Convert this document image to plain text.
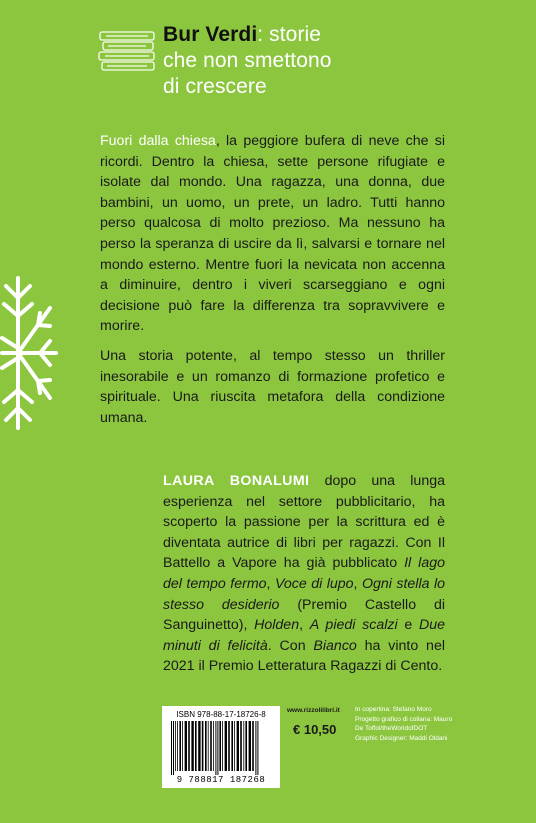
Bur Verdi: storie
che non smettono
di crescere

Fuori dalla chiesa, la peggiore bufera di neve che si ricordi. Dentro la chiesa, sette persone rifugiate e isolate dal mondo. Una ragazza, una donna, due bambini, un uomo, un prete, un ladro. Tutti hanno perso qualcosa di molto prezioso. Ma nessuno ha perso la speranza di uscire da lì, salvarsi e tornare nel mondo esterno. Mentre fuori la nevicata non accenna a diminuire, dentro i viveri scarseggiano e ogni decisione può fare la differenza tra sopravvivere e morire.

Una storia potente, al tempo stesso un thriller inesorabile e un romanzo di formazione profetico e spirituale. Una riuscita metafora della condizione umana.

LAURA BONALUMI dopo una lunga esperienza nel settore pubblicitario, ha scoperto la passione per la scrittura ed è diventata autrice di libri per ragazzi. Con Il Battello a Vapore ha già pubblicato Il lago del tempo fermo, Voce di lupo, Ogni stella lo stesso desiderio (Premio Castello di Sanguinetto), Holden, A piedi scalzi e Due minuti di felicità. Con Bianco ha vinto nel 2021 il Premio Letteratura Ragazzi di Cento.

ISBN 978-88-17-18726-8
9 788817 187268
www.rizzolilibri.it
€ 10,50
In copertina: Stefano Moro
Progetto grafico di collana: Mauro
De Toffol/theWorldofDOT
Graphic Designer: Maddi Oldani
